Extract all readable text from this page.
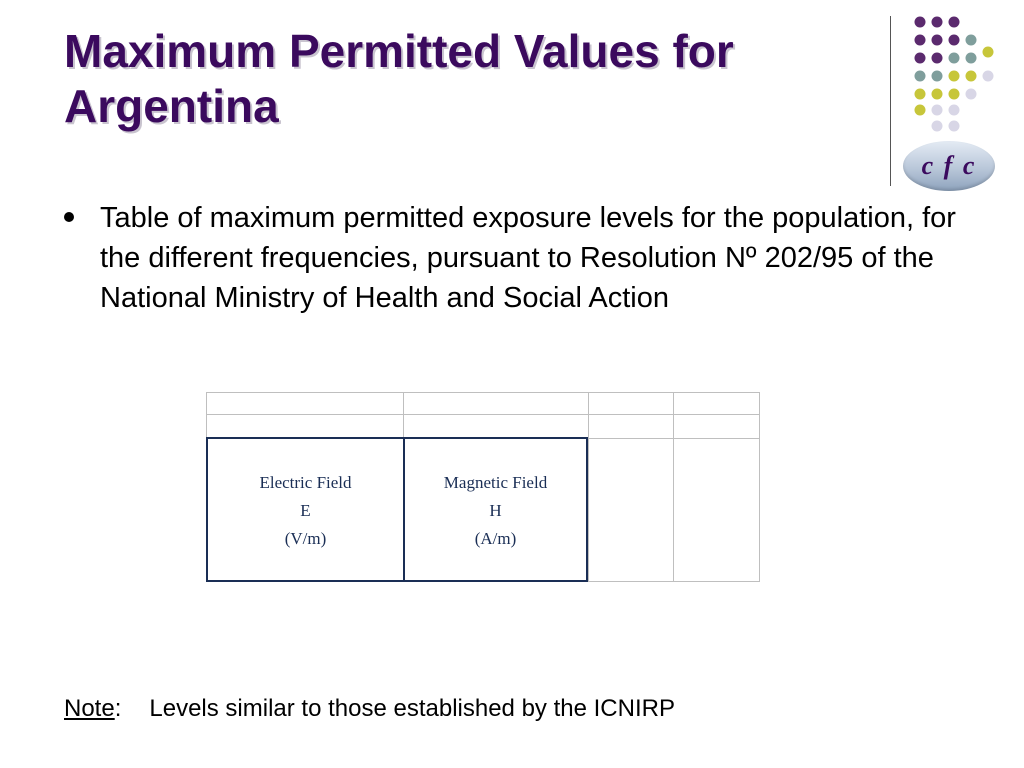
Maximum Permitted Values for Argentina
c f c

Table of maximum permitted exposure levels for the population, for the different frequencies, pursuant to Resolution Nº 202/95 of the National Ministry of Health and Social Action

Electric Field
E
(V/m)
Magnetic Field
H
(A/m)
Note: Levels similar to those established by the ICNIRP
